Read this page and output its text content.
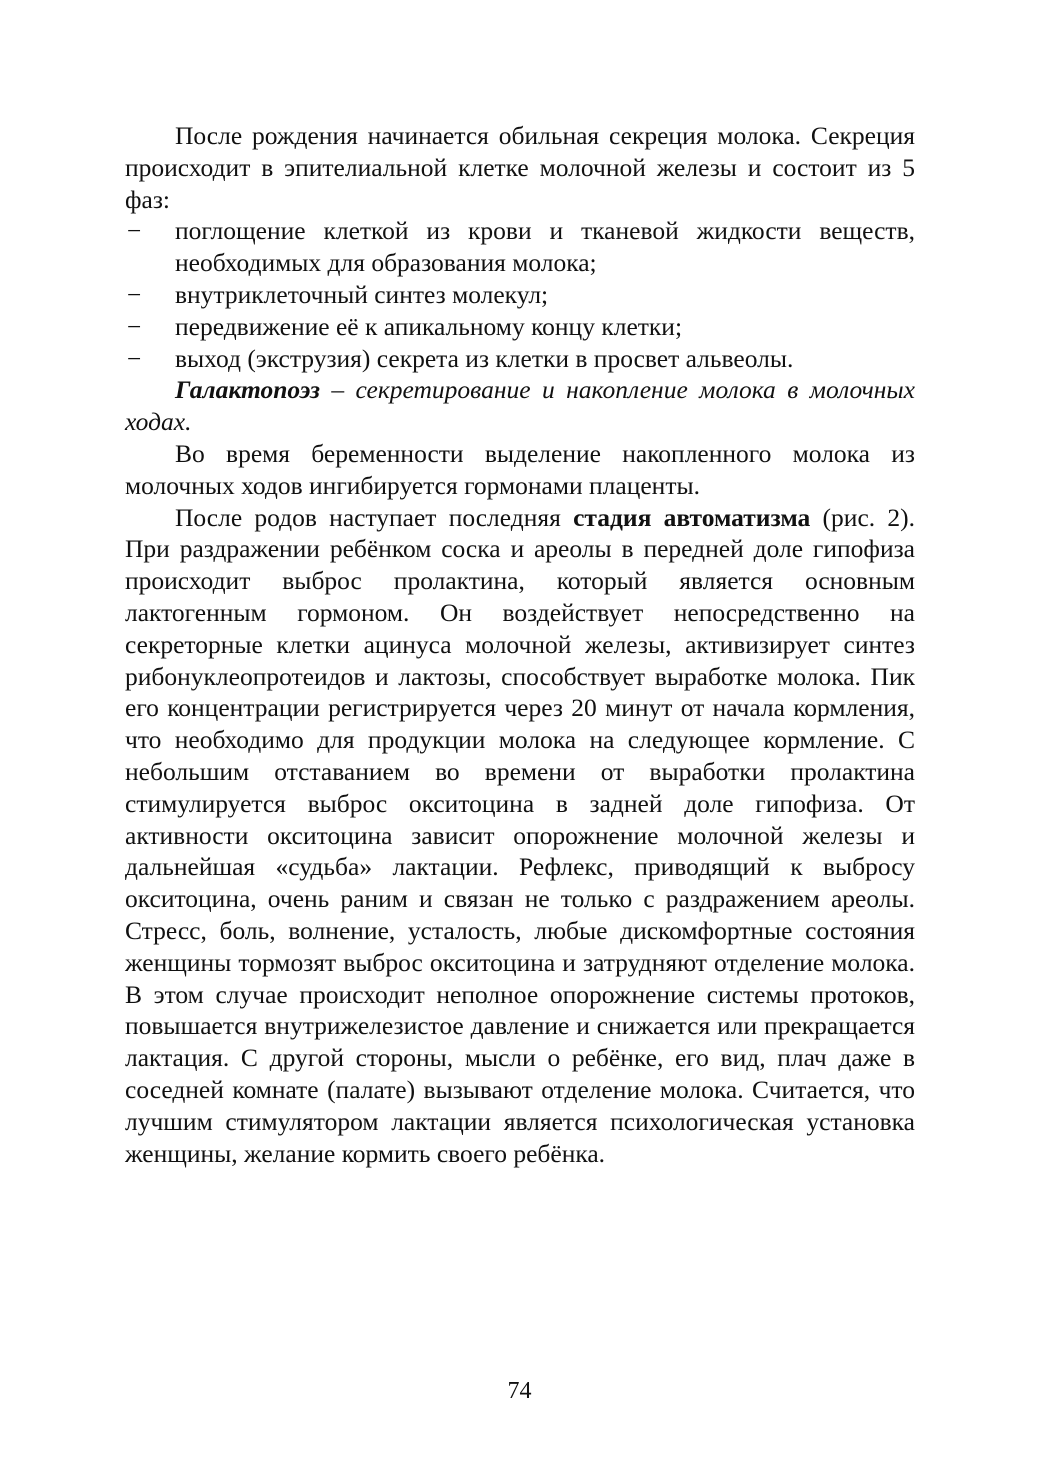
После рождения начинается обильная секреция молока. Секреция происходит в эпителиальной клетке молочной железы и состоит из 5 фаз:

− поглощение клеткой из крови и тканевой жидкости веществ, необходимых для образования молока;
− внутриклеточный синтез молекул;
− передвижение её к апикальному концу клетки;
− выход (экструзия) секрета из клетки в просвет альвеолы.

Галактопоэз – секретирование и накопление молока в молочных ходах.

Во время беременности выделение накопленного молока из молочных ходов ингибируется гормонами плаценты.

После родов наступает последняя стадия автоматизма (рис. 2). При раздражении ребёнком соска и ареолы в передней доле гипофиза происходит выброс пролактина, который является основным лактогенным гормоном. Он воздействует непосредственно на секреторные клетки ацинуса молочной железы, активизирует синтез рибонуклеопротеидов и лактозы, способствует выработке молока. Пик его концентрации регистрируется через 20 минут от начала кормления, что необходимо для продукции молока на следующее кормление. С небольшим отставанием во времени от выработки пролактина стимулируется выброс окситоцина в задней доле гипофиза. От активности окситоцина зависит опорожнение молочной железы и дальнейшая «судьба» лактации. Рефлекс, приводящий к выбросу окситоцина, очень раним и связан не только с раздражением ареолы. Стресс, боль, волнение, усталость, любые дискомфортные состояния женщины тормозят выброс окситоцина и затрудняют отделение молока. В этом случае происходит неполное опорожнение системы протоков, повышается внутрижелезистое давление и снижается или прекращается лактация. С другой стороны, мысли о ребёнке, его вид, плач даже в соседней комнате (палате) вызывают отделение молока. Считается, что лучшим стимулятором лактации является психологическая установка женщины, желание кормить своего ребёнка.

74
